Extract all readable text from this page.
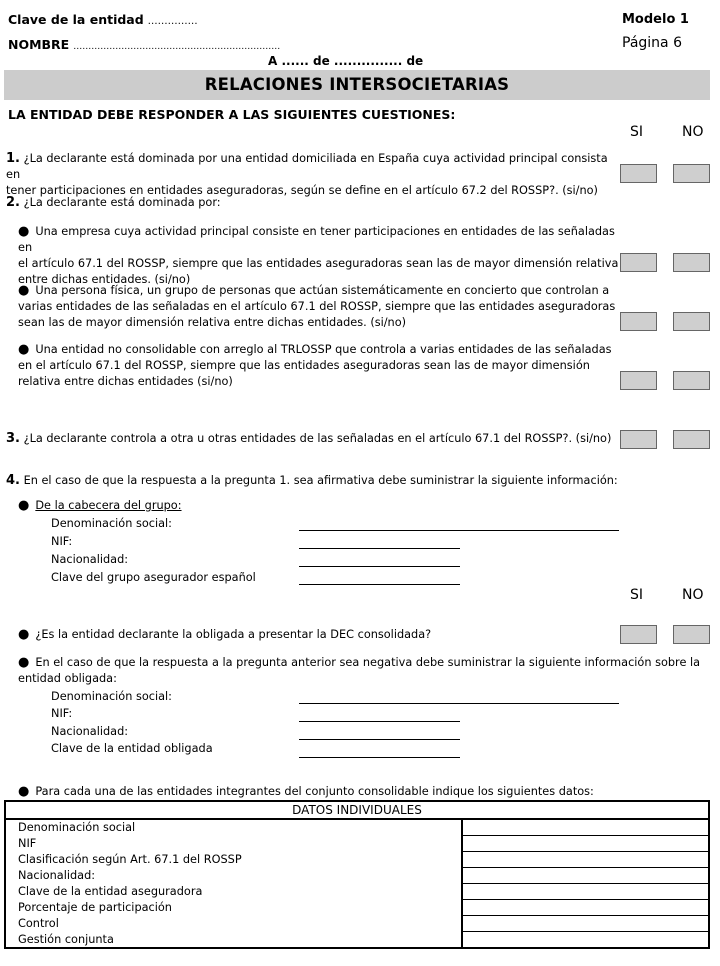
Clave de la entidad ……………
NOMBRE ……………………………………………………………
Modelo 1
Página 6
A ...... de ............... de
RELACIONES INTERSOCIETARIAS
LA ENTIDAD DEBE RESPONDER A LAS SIGUIENTES CUESTIONES:
SI	NO
1. ¿La declarante está dominada por una entidad domiciliada en España cuya actividad principal consista en
tener participaciones en entidades aseguradoras, según se define en el artículo 67.2 del ROSSP?. (si/no)
2. ¿La declarante está dominada por:
● Una empresa cuya actividad principal consiste en tener participaciones en entidades de las señaladas en
el artículo 67.1 del ROSSP, siempre que las entidades aseguradoras sean las de mayor dimensión relativa
entre dichas entidades. (si/no)
● Una persona física, un grupo de personas que actúan sistemáticamente en concierto que controlan a
varias entidades de las señaladas en el artículo 67.1 del ROSSP, siempre que las entidades aseguradoras
sean las de mayor dimensión relativa entre dichas entidades. (si/no)
● Una entidad no consolidable con arreglo al TRLOSSP que controla a varias entidades de las señaladas
en el artículo 67.1 del ROSSP, siempre que las entidades aseguradoras sean las de mayor dimensión
relativa entre dichas entidades (si/no)
3. ¿La declarante controla a otra u otras entidades de las señaladas en el artículo 67.1 del ROSSP?. (si/no)
4. En el caso de que la respuesta a la pregunta 1. sea afirmativa debe suministrar la siguiente información:
● De la cabecera del grupo:
Denominación social:
NIF:
Nacionalidad:
Clave del grupo asegurador español
SI	NO
● ¿Es la entidad declarante la obligada a presentar la DEC consolidada?
● En el caso de que la respuesta a la pregunta anterior sea negativa debe suministrar la siguiente información sobre la
entidad obligada:
Denominación social:
NIF:
Nacionalidad:
Clave de la entidad obligada
● Para cada una de las entidades integrantes del conjunto consolidable indique los siguientes datos:
DATOS INDIVIDUALES	
Denominación social	
NIF	
Clasificación según Art. 67.1 del ROSSP	
Nacionalidad:	
Clave de la entidad aseguradora	
Porcentaje de participación	
Control	
Gestión conjunta	
